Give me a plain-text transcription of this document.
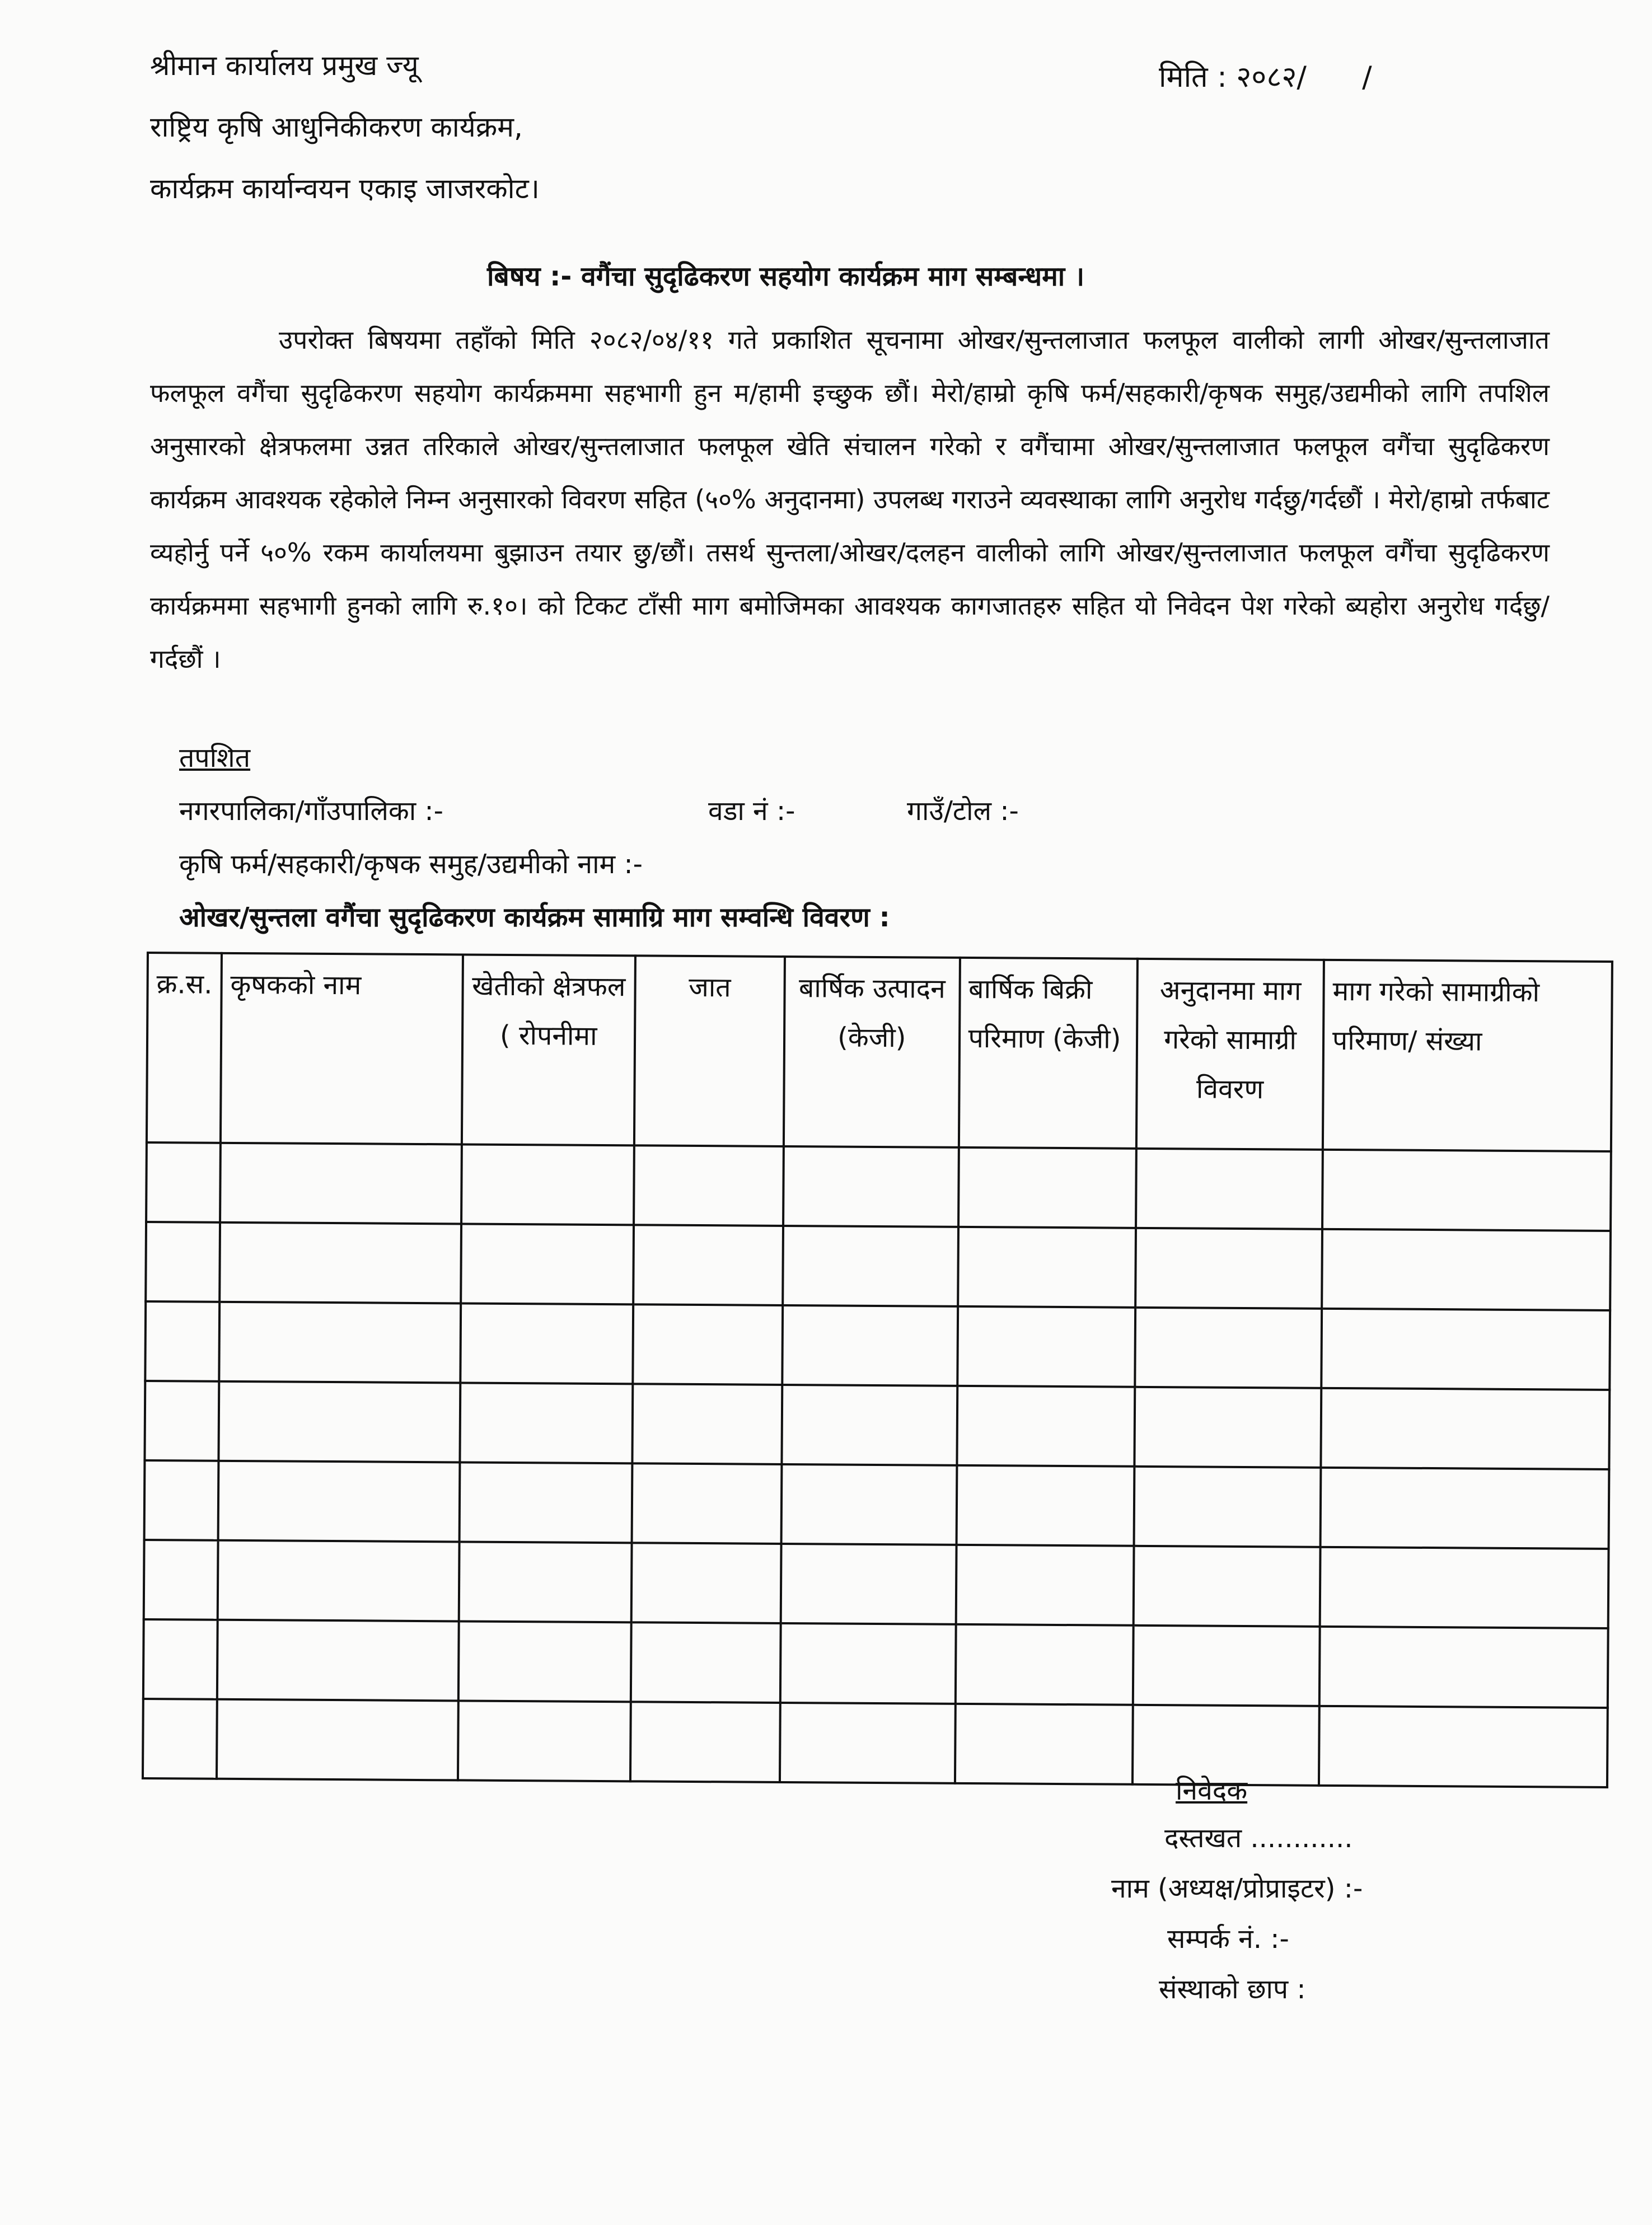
श्रीमान कार्यालय प्रमुख ज्यू
राष्ट्रिय कृषि आधुनिकीकरण कार्यक्रम,
कार्यक्रम कार्यान्वयन एकाइ जाजरकोट।
मिति : २०८२/      /
बिषय :- वगैंचा सुदृढिकरण सहयोग कार्यक्रम माग सम्बन्धमा ।
उपरोक्त बिषयमा तहाँको मिति २०८२/०४/११ गते प्रकाशित सूचनामा ओखर/सुन्तलाजात फलफूल वालीको लागी ओखर/सुन्तलाजात फलफूल वगैंचा सुदृढिकरण सहयोग कार्यक्रममा सहभागी हुन म/हामी इच्छुक छौं। मेरो/हाम्रो कृषि फर्म/सहकारी/कृषक समुह/उद्यमीको लागि तपशिल अनुसारको क्षेत्रफलमा उन्नत तरिकाले ओखर/सुन्तलाजात फलफूल खेति संचालन गरेको र वगैंचामा ओखर/सुन्तलाजात फलफूल वगैंचा सुदृढिकरण कार्यक्रम आवश्यक रहेकोले निम्न अनुसारको विवरण सहित (५०% अनुदानमा) उपलब्ध गराउने व्यवस्थाका लागि अनुरोध गर्दछु/गर्दछौं । मेरो/हाम्रो तर्फबाट व्यहोर्नु पर्ने ५०% रकम कार्यालयमा बुझाउन तयार छु/छौं। तसर्थ सुन्तला/ओखर/दलहन वालीको लागि ओखर/सुन्तलाजात फलफूल वगैंचा सुदृढिकरण कार्यक्रममा सहभागी हुनको लागि रु.१०। को टिकट टाँसी माग बमोजिमका आवश्यक कागजातहरु सहित यो निवेदन पेश गरेको ब्यहोरा अनुरोध गर्दछु/गर्दछौं ।
तपशित
नगरपालिका/गाँउपालिका :-	वडा नं :-	गाउँ/टोल :-
कृषि फर्म/सहकारी/कृषक समुह/उद्यमीको नाम :-
ओखर/सुन्तला वगैंचा सुदृढिकरण कार्यक्रम सामाग्रि माग सम्वन्धि विवरण :
क्र.स.	कृषकको नाम	खेतीको क्षेत्रफल ( रोपनीमा	जात	बार्षिक उत्पादन (केजी)	बार्षिक बिक्री परिमाण (केजी)	अनुदानमा माग गरेको सामाग्री विवरण	माग गरेको सामाग्रीको परिमाण/ संख्या

निवेदक
दस्तखत ............
नाम (अध्यक्ष/प्रोप्राइटर) :-
सम्पर्क नं. :-
संस्थाको छाप :
